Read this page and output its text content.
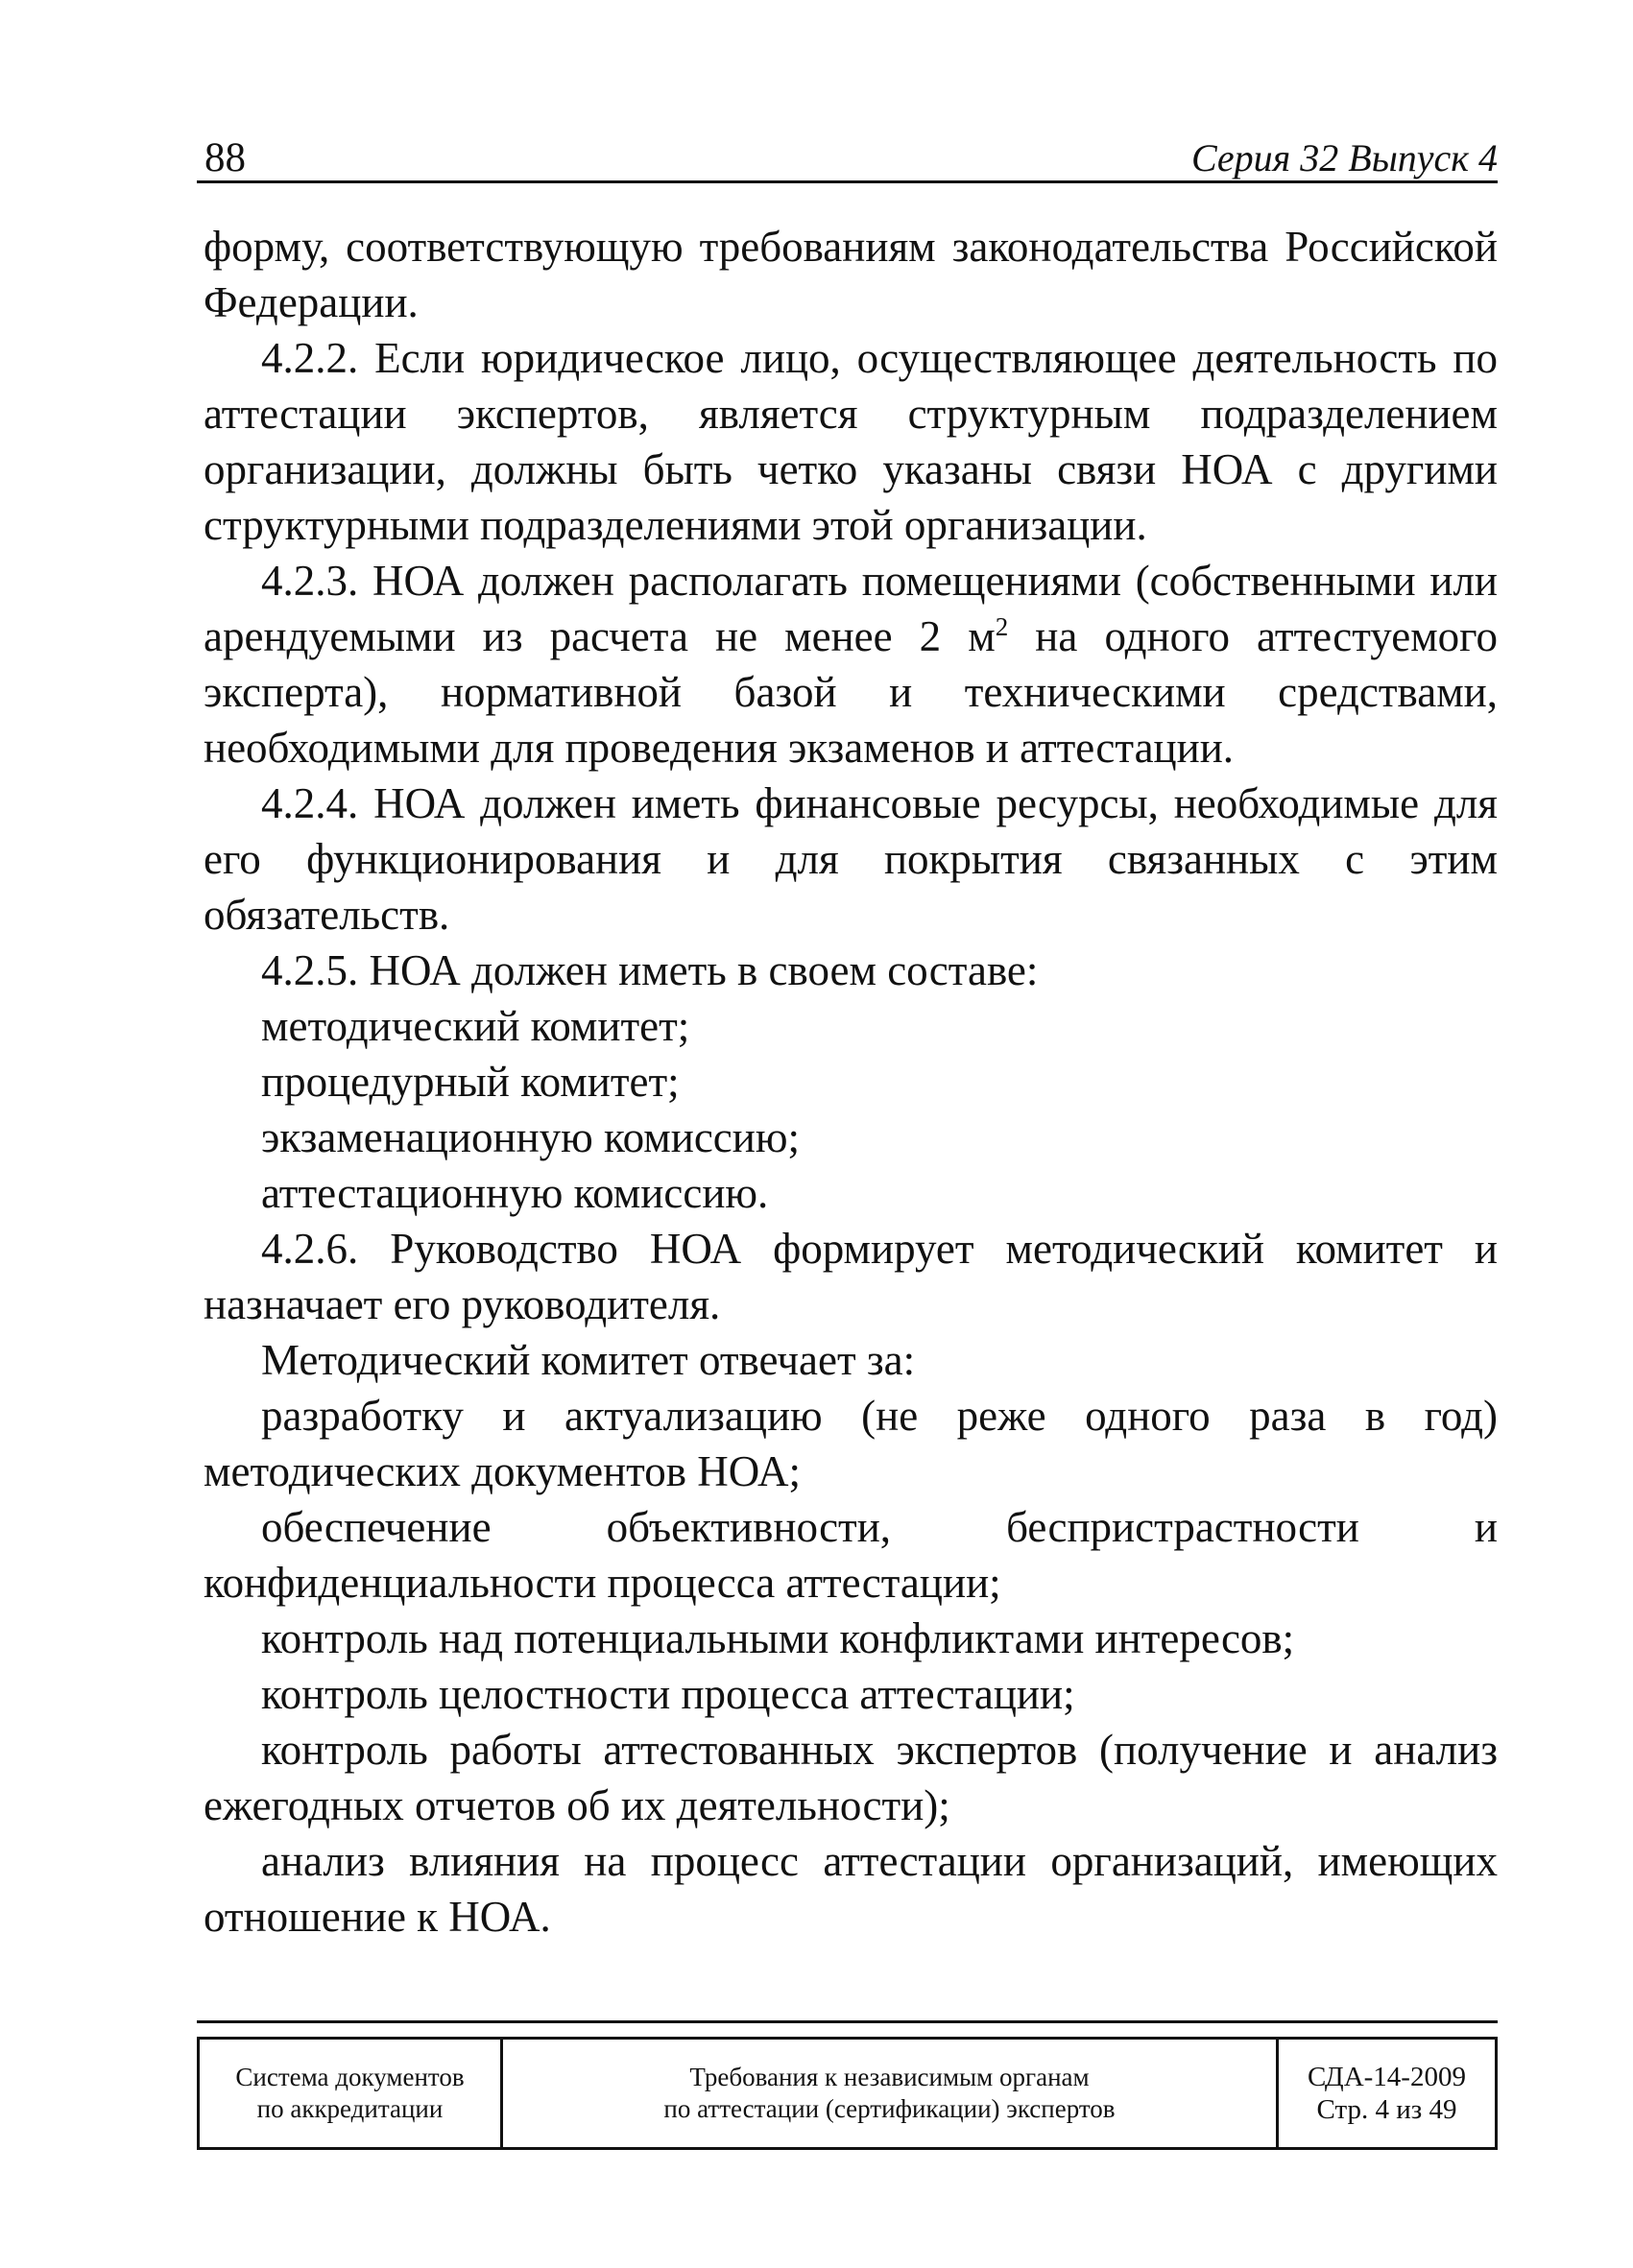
88	Серия 32 Выпуск 4

форму, соответствующую требованиям законодательства Российской Федерации.

4.2.2. Если юридическое лицо, осуществляющее деятельность по аттестации экспертов, является структурным подразделением организации, должны быть четко указаны связи НОА с другими структурными подразделениями этой организации.

4.2.3. НОА должен располагать помещениями (собственными или арендуемыми из расчета не менее 2 $м^2$ на одного аттестуемого эксперта), нормативной базой и техническими средствами, необходимыми для проведения экзаменов и аттестации.

4.2.4. НОА должен иметь финансовые ресурсы, необходимые для его функционирования и для покрытия связанных с этим обязательств.

4.2.5. НОА должен иметь в своем составе:

методический комитет;

процедурный комитет;

экзаменационную комиссию;

аттестационную комиссию.

4.2.6. Руководство НОА формирует методический комитет и назначает его руководителя.

Методический комитет отвечает за:

разработку и актуализацию (не реже одного раза в год) методических документов НОА;

обеспечение объективности, беспристрастности и конфиденциальности процесса аттестации;

контроль над потенциальными конфликтами интересов;

контроль целостности процесса аттестации;

контроль работы аттестованных экспертов (получение и анализ ежегодных отчетов об их деятельности);

анализ влияния на процесс аттестации организаций, имеющих отношение к НОА.

Система документов
по аккредитации
Требования к независимым органам
по аттестации (сертификации) экспертов
СДА-14-2009
Стр. 4 из 49
